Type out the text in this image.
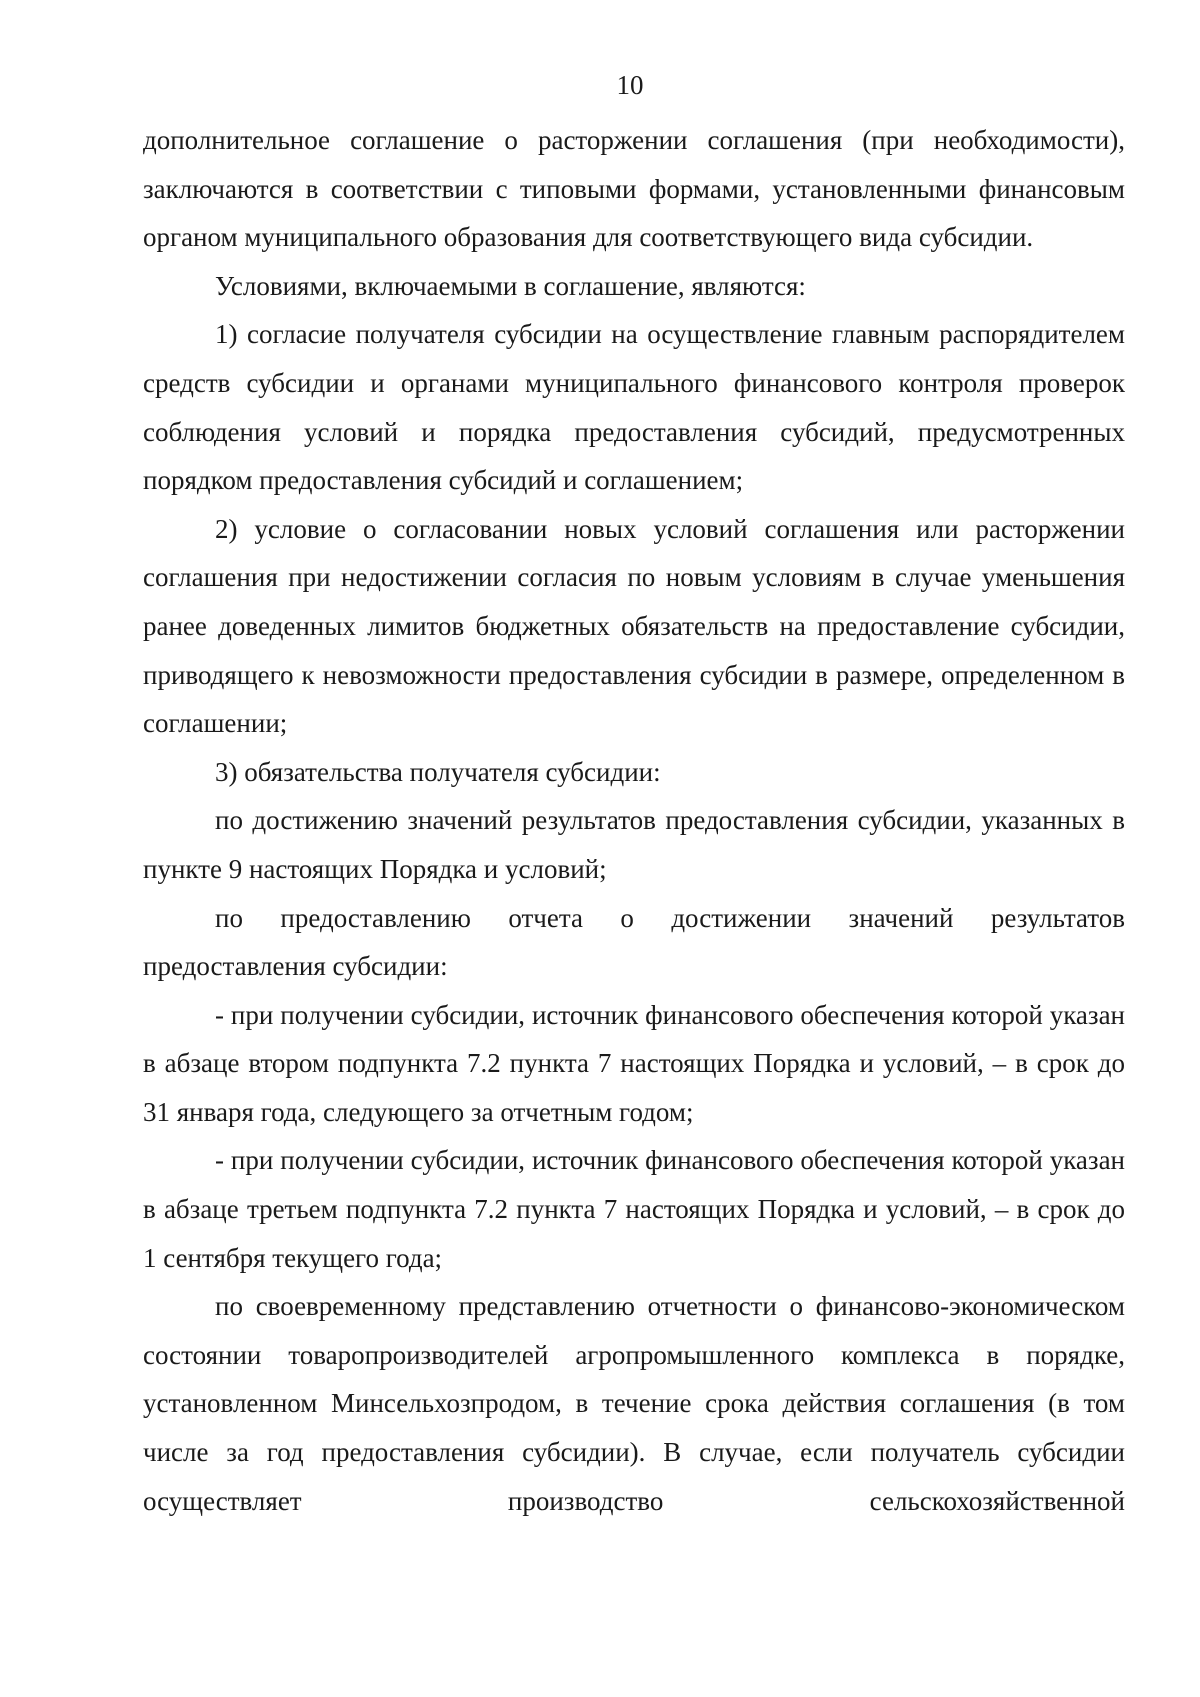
10

дополнительное соглашение о расторжении соглашения (при необходимости), заключаются в соответствии с типовыми формами, установленными финансовым органом муниципального образования для соответствующего вида субсидии.

Условиями, включаемыми в соглашение, являются:

1) согласие получателя субсидии на осуществление главным распорядителем средств субсидии и органами муниципального финансового контроля проверок соблюдения условий и порядка предоставления субсидий, предусмотренных порядком предоставления субсидий и соглашением;

2) условие о согласовании новых условий соглашения или расторжении соглашения при недостижении согласия по новым условиям в случае уменьшения ранее доведенных лимитов бюджетных обязательств на предоставление субсидии, приводящего к невозможности предоставления субсидии в размере, определенном в соглашении;

3) обязательства получателя субсидии:

по достижению значений результатов предоставления субсидии, указанных в пункте 9 настоящих Порядка и условий;

по предоставлению отчета о достижении значений результатов предоставления субсидии:

- при получении субсидии, источник финансового обеспечения которой указан в абзаце втором подпункта 7.2 пункта 7 настоящих Порядка и условий, – в срок до 31 января года, следующего за отчетным годом;

- при получении субсидии, источник финансового обеспечения которой указан в абзаце третьем подпункта 7.2 пункта 7 настоящих Порядка и условий, – в срок до 1 сентября текущего года;

по своевременному представлению отчетности о финансово-экономическом состоянии товаропроизводителей агропромышленного комплекса в порядке, установленном Минсельхозпродом, в течение срока действия соглашения (в том числе за год предоставления субсидии). В случае, если получатель субсидии осуществляет производство сельскохозяйственной
